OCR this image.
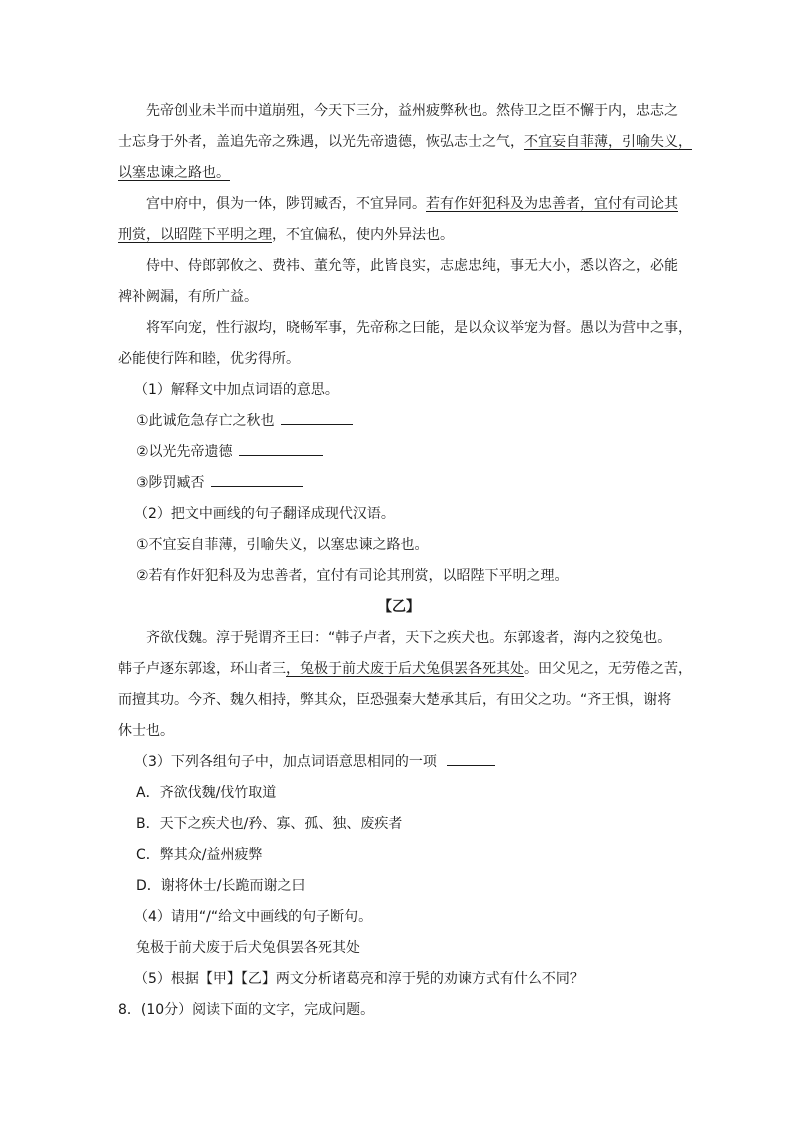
先帝创业未半而中道崩殂，今天下三分，益州疲弊秋也。然侍卫之臣不懈于内，忠志之
士忘身于外者，盖追先帝之殊遇，以光先帝遗德，恢弘志士之气，不宜妄自菲薄，引喻失义，
以塞忠谏之路也。
宫中府中，俱为一体，陟罚臧否，不宜异同。若有作奸犯科及为忠善者，宜付有司论其
刑赏，以昭陛下平明之理，不宜偏私，使内外异法也。
侍中、侍郎郭攸之、费祎、董允等，此皆良实，志虑忠纯，事无大小，悉以咨之，必能
裨补阙漏，有所广益。
将军向宠，性行淑均，晓畅军事，先帝称之曰能，是以众议举宠为督。愚以为营中之事，
必能使行阵和睦，优劣得所。
（1）解释文中加点词语的意思。
①此诚危急存亡之秋也
②以光先帝遗德
③陟罚臧否
（2）把文中画线的句子翻译成现代汉语。
①不宜妄自菲薄，引喻失义，以塞忠谏之路也。
②若有作奸犯科及为忠善者，宜付有司论其刑赏，以昭陛下平明之理。
【乙】
齐欲伐魏。淳于髡谓齐王曰：“韩子卢者，天下之疾犬也。东郭逡者，海内之狡兔也。
韩子卢逐东郭逡，环山者三，兔极于前犬废于后犬兔俱罢各死其处。田父见之，无劳倦之苦，
而擅其功。今齐、魏久相持，弊其众，臣恐强秦大楚承其后，有田父之功。“齐王惧，谢将
休士也。
（3）下列各组句子中，加点词语意思相同的一项
A．齐欲伐魏/伐竹取道
B．天下之疾犬也/矜、寡、孤、独、废疾者
C．弊其众/益州疲弊
D．谢将休士/长跪而谢之曰
（4）请用“/“给文中画线的句子断句。
兔极于前犬废于后犬兔俱罢各死其处
（5）根据【甲】【乙】两文分析诸葛亮和淳于髡的劝谏方式有什么不同？
8．(10分）阅读下面的文字，完成问题。
